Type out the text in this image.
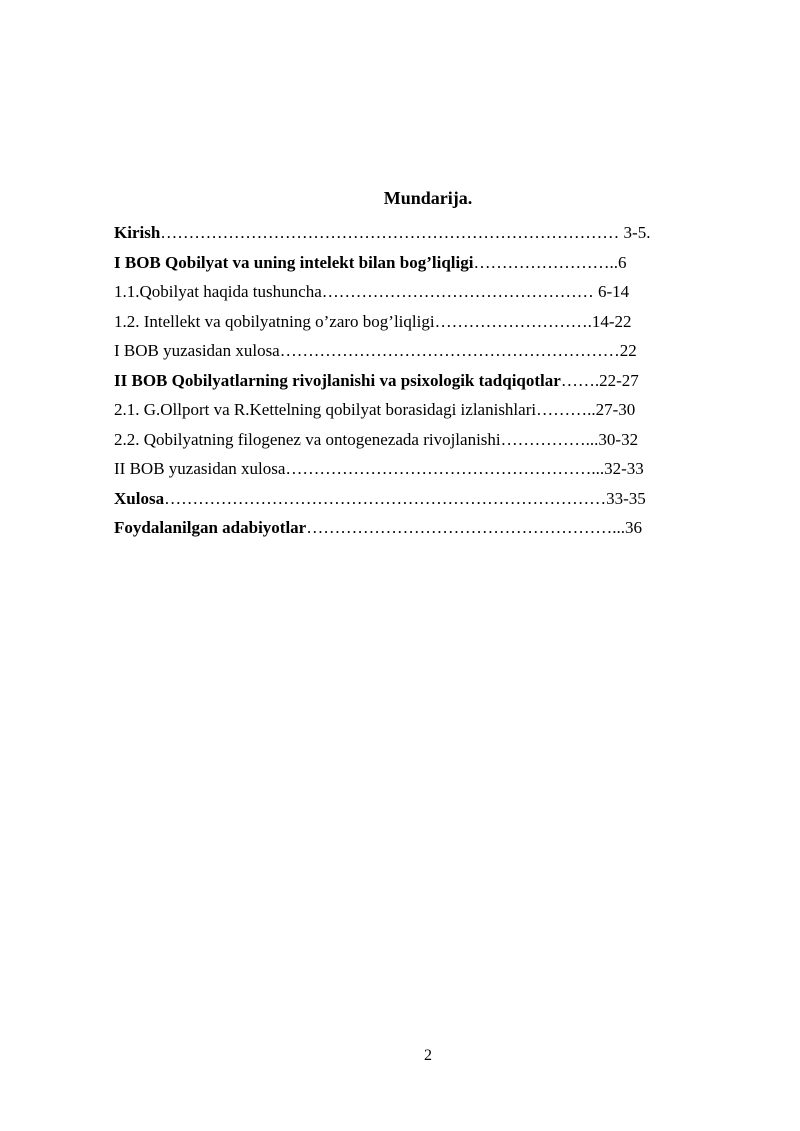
Mundarija.
Kirish……………………………………………………………………… 3-5.
I BOB Qobilyat va uning intelekt bilan bog’liqligi……………………..6
1.1.Qobilyat haqida tushuncha………………………………………… 6-14
1.2. Intellekt va qobilyatning o’zaro bog’liqligi……………………….14-22
I BOB yuzasidan xulosa……………………………………………………22
II BOB Qobilyatlarning rivojlanishi va psixologik tadqiqotlar…….22-27
2.1. G.Ollport va R.Kettelning qobilyat borasidagi izlanishlari………..27-30
2.2. Qobilyatning filogenez va ontogenezada rivojlanishi……………...30-32
II BOB yuzasidan xulosa………………………………………………...32-33
Xulosa……………………………………………………………………33-35
Foydalanilgan adabiyotlar………………………………………………...36
2
